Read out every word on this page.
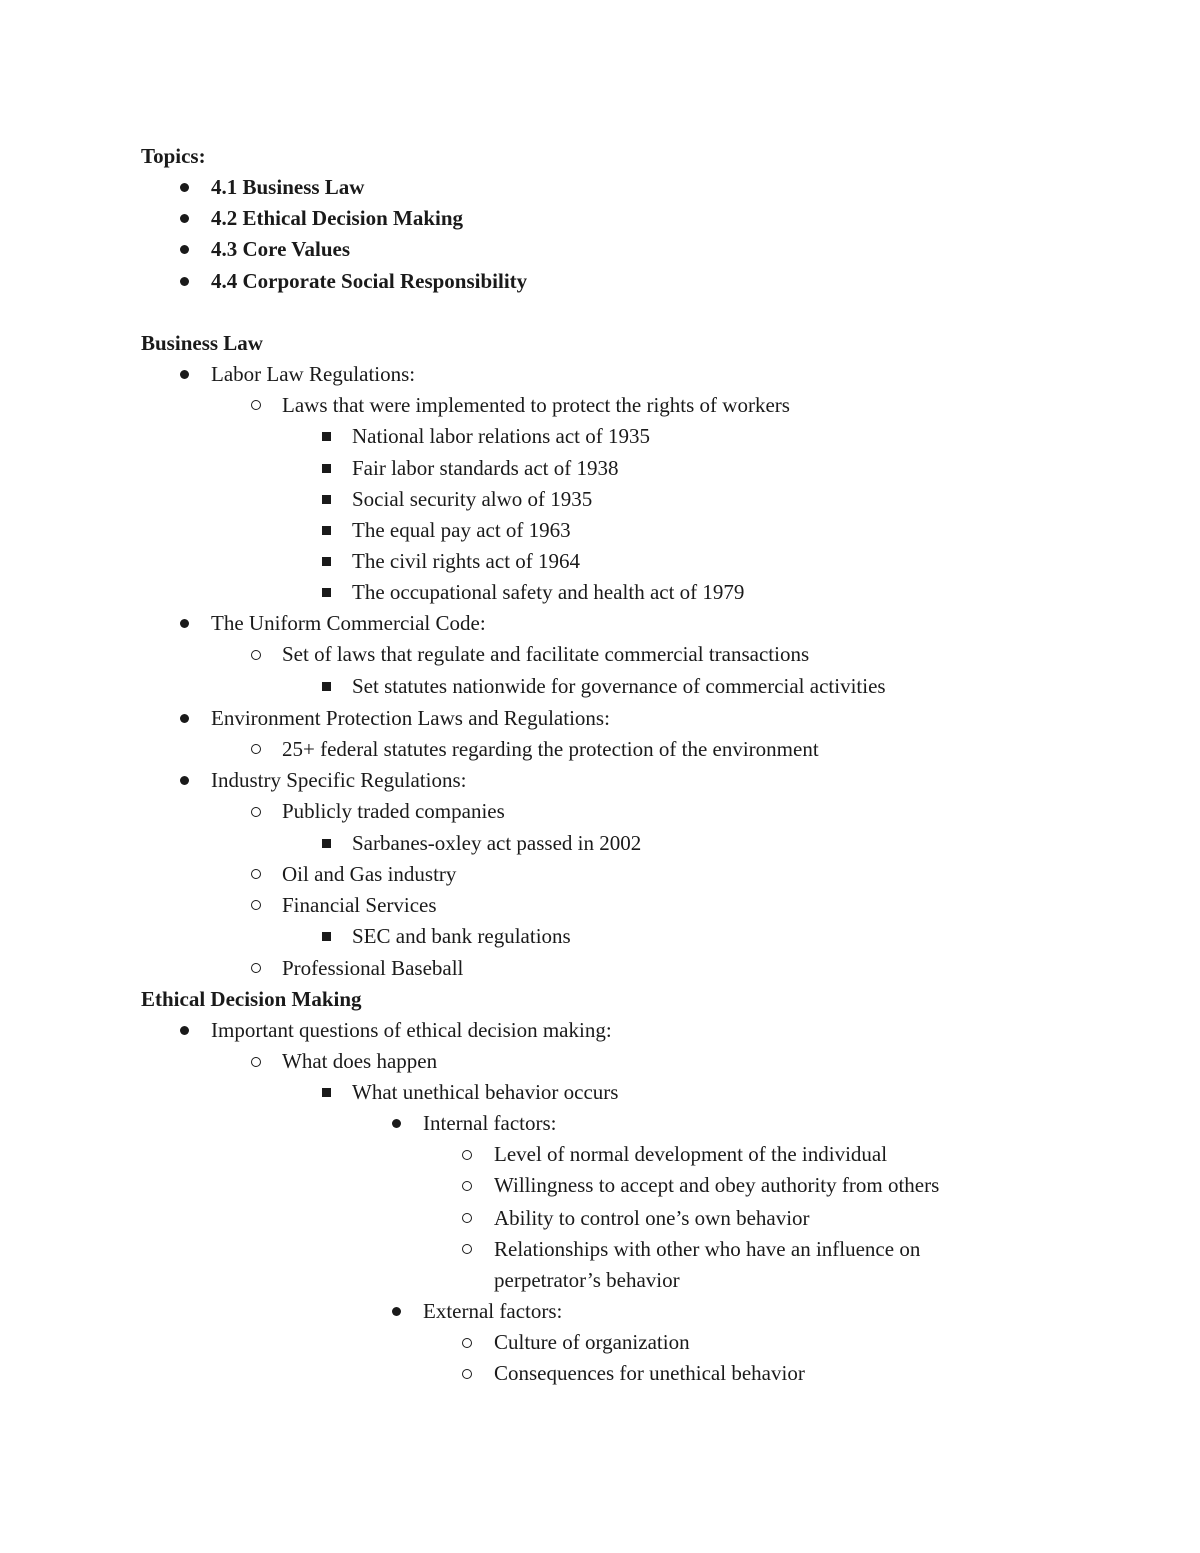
Topics:
4.1 Business Law
4.2 Ethical Decision Making
4.3 Core Values
4.4 Corporate Social Responsibility
Business Law
Labor Law Regulations:
Laws that were implemented to protect the rights of workers
National labor relations act of 1935
Fair labor standards act of 1938
Social security alwo of 1935
The equal pay act of 1963
The civil rights act of 1964
The occupational safety and health act of 1979
The Uniform Commercial Code:
Set of laws that regulate and facilitate commercial transactions
Set statutes nationwide for governance of commercial activities
Environment Protection Laws and Regulations:
25+ federal statutes regarding the protection of the environment
Industry Specific Regulations:
Publicly traded companies
Sarbanes-oxley act passed in 2002
Oil and Gas industry
Financial Services
SEC and bank regulations
Professional Baseball
Ethical Decision Making
Important questions of ethical decision making:
What does happen
What unethical behavior occurs
Internal factors:
Level of normal development of the individual
Willingness to accept and obey authority from others
Ability to control one’s own behavior
Relationships with other who have an influence on
perpetrator’s behavior
External factors:
Culture of organization
Consequences for unethical behavior
